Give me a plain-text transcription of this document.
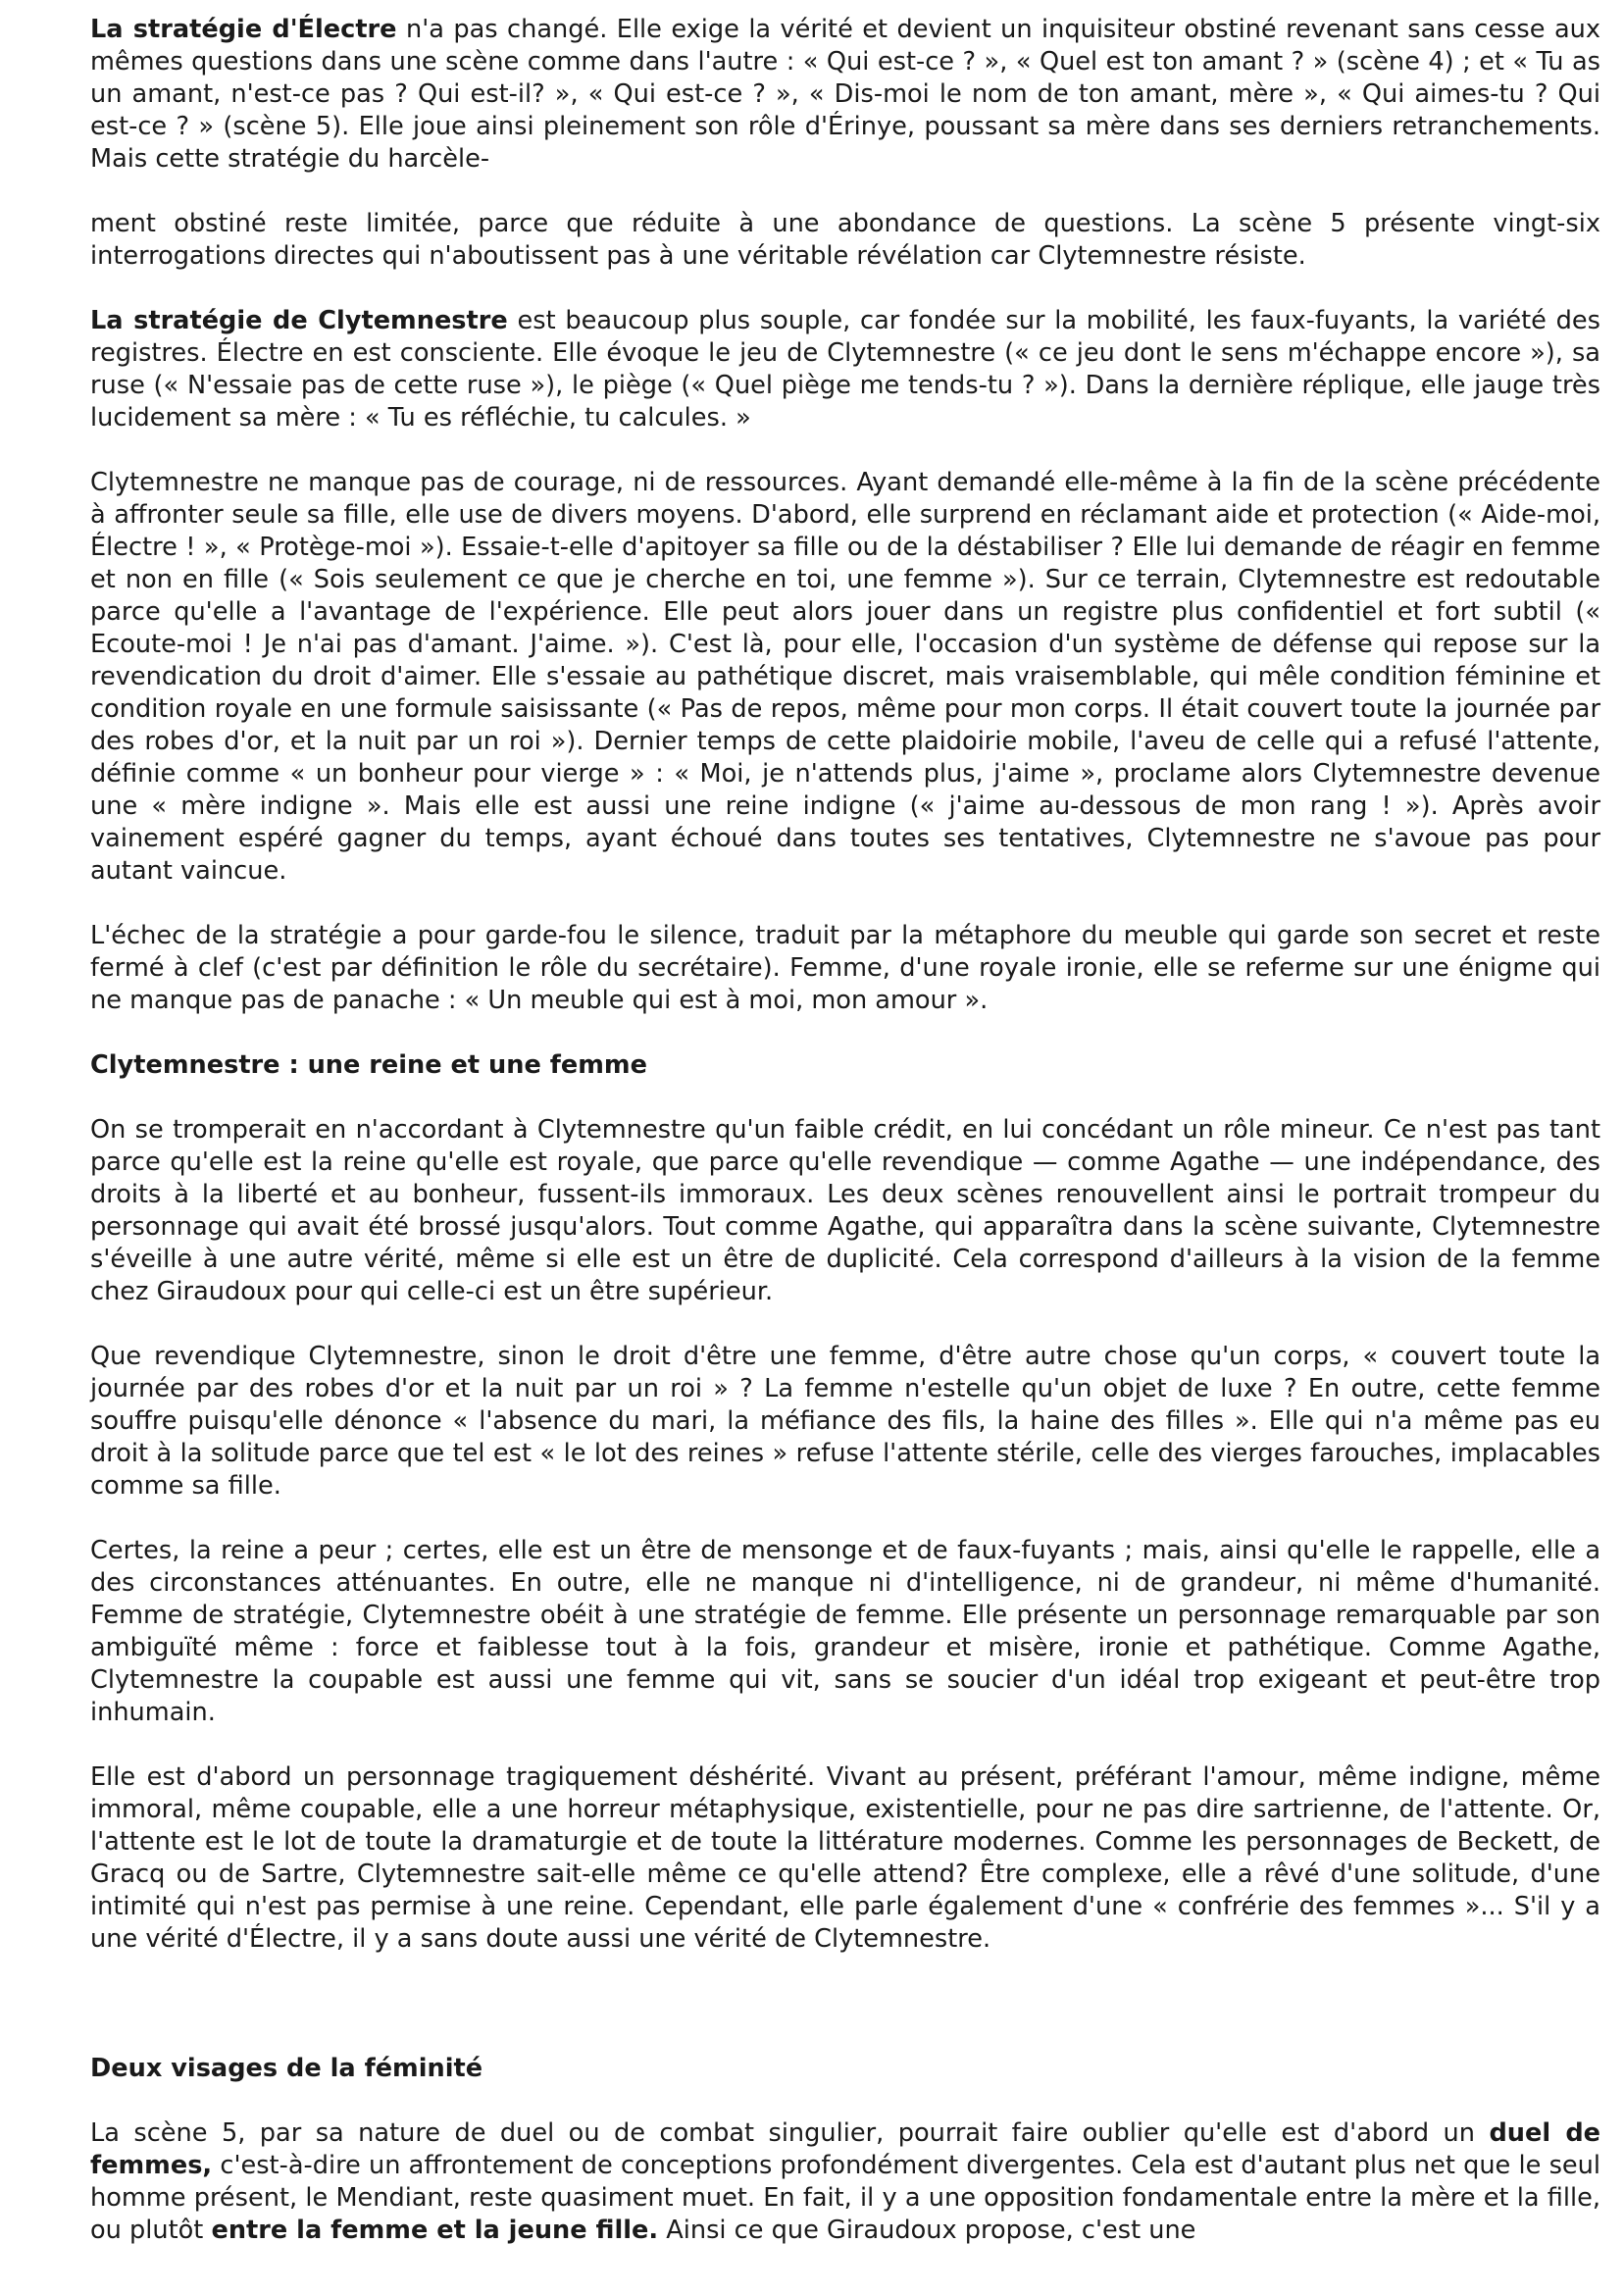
La stratégie d'Électre n'a pas changé. Elle exige la vérité et devient un inquisiteur obstiné revenant sans cesse aux mêmes questions dans une scène comme dans l'autre : « Qui est-ce ? », « Quel est ton amant ? » (scène 4) ; et « Tu as un amant, n'est-ce pas ? Qui est-il? », « Qui est-ce ? », « Dis-moi le nom de ton amant, mère », « Qui aimes-tu ? Qui est-ce ? » (scène 5). Elle joue ainsi pleinement son rôle d'Érinye, poussant sa mère dans ses derniers retranchements. Mais cette stratégie du harcèle-

ment obstiné reste limitée, parce que réduite à une abondance de questions. La scène 5 présente vingt-six interrogations directes qui n'aboutissent pas à une véritable révélation car Clytemnestre résiste.

La stratégie de Clytemnestre est beaucoup plus souple, car fondée sur la mobilité, les faux-fuyants, la variété des registres. Électre en est consciente. Elle évoque le jeu de Clytemnestre (« ce jeu dont le sens m'échappe encore »), sa ruse (« N'essaie pas de cette ruse »), le piège (« Quel piège me tends-tu ? »). Dans la dernière réplique, elle jauge très lucidement sa mère : « Tu es réfléchie, tu calcules. »

Clytemnestre ne manque pas de courage, ni de ressources. Ayant demandé elle-même à la fin de la scène précédente à affronter seule sa fille, elle use de divers moyens. D'abord, elle surprend en réclamant aide et protection (« Aide-moi, Électre ! », « Protège-moi »). Essaie-t-elle d'apitoyer sa fille ou de la déstabiliser ? Elle lui demande de réagir en femme et non en fille (« Sois seulement ce que je cherche en toi, une femme »). Sur ce terrain, Clytemnestre est redoutable parce qu'elle a l'avantage de l'expérience. Elle peut alors jouer dans un registre plus confidentiel et fort subtil (« Ecoute-moi ! Je n'ai pas d'amant. J'aime. »). C'est là, pour elle, l'occasion d'un système de défense qui repose sur la revendication du droit d'aimer. Elle s'essaie au pathétique discret, mais vraisemblable, qui mêle condition féminine et condition royale en une formule saisissante (« Pas de repos, même pour mon corps. Il était couvert toute la journée par des robes d'or, et la nuit par un roi »). Dernier temps de cette plaidoirie mobile, l'aveu de celle qui a refusé l'attente, définie comme « un bonheur pour vierge » : « Moi, je n'attends plus, j'aime », proclame alors Clytemnestre devenue une « mère indigne ». Mais elle est aussi une reine indigne (« j'aime au-dessous de mon rang ! »). Après avoir vainement espéré gagner du temps, ayant échoué dans toutes ses tentatives, Clytemnestre ne s'avoue pas pour autant vaincue.

L'échec de la stratégie a pour garde-fou le silence, traduit par la métaphore du meuble qui garde son secret et reste fermé à clef (c'est par définition le rôle du secrétaire). Femme, d'une royale ironie, elle se referme sur une énigme qui ne manque pas de panache : « Un meuble qui est à moi, mon amour ».

Clytemnestre : une reine et une femme

On se tromperait en n'accordant à Clytemnestre qu'un faible crédit, en lui concédant un rôle mineur. Ce n'est pas tant parce qu'elle est la reine qu'elle est royale, que parce qu'elle revendique — comme Agathe — une indépendance, des droits à la liberté et au bonheur, fussent-ils immoraux. Les deux scènes renouvellent ainsi le portrait trompeur du personnage qui avait été brossé jusqu'alors. Tout comme Agathe, qui apparaîtra dans la scène suivante, Clytemnestre s'éveille à une autre vérité, même si elle est un être de duplicité. Cela correspond d'ailleurs à la vision de la femme chez Giraudoux pour qui celle-ci est un être supérieur.

Que revendique Clytemnestre, sinon le droit d'être une femme, d'être autre chose qu'un corps, « couvert toute la journée par des robes d'or et la nuit par un roi » ? La femme n'estelle qu'un objet de luxe ? En outre, cette femme souffre puisqu'elle dénonce « l'absence du mari, la méfiance des fils, la haine des filles ». Elle qui n'a même pas eu droit à la solitude parce que tel est « le lot des reines » refuse l'attente stérile, celle des vierges farouches, implacables comme sa fille.

Certes, la reine a peur ; certes, elle est un être de mensonge et de faux-fuyants ; mais, ainsi qu'elle le rappelle, elle a des circonstances atténuantes. En outre, elle ne manque ni d'intelligence, ni de grandeur, ni même d'humanité. Femme de stratégie, Clytemnestre obéit à une stratégie de femme. Elle présente un personnage remarquable par son ambiguïté même : force et faiblesse tout à la fois, grandeur et misère, ironie et pathétique. Comme Agathe, Clytemnestre la coupable est aussi une femme qui vit, sans se soucier d'un idéal trop exigeant et peut-être trop inhumain.

Elle est d'abord un personnage tragiquement déshérité. Vivant au présent, préférant l'amour, même indigne, même immoral, même coupable, elle a une horreur métaphysique, existentielle, pour ne pas dire sartrienne, de l'attente. Or, l'attente est le lot de toute la dramaturgie et de toute la littérature modernes. Comme les personnages de Beckett, de Gracq ou de Sartre, Clytemnestre sait-elle même ce qu'elle attend? Être complexe, elle a rêvé d'une solitude, d'une intimité qui n'est pas permise à une reine. Cependant, elle parle également d'une « confrérie des femmes »... S'il y a une vérité d'Électre, il y a sans doute aussi une vérité de Clytemnestre.

Deux visages de la féminité

La scène 5, par sa nature de duel ou de combat singulier, pourrait faire oublier qu'elle est d'abord un duel de femmes, c'est-à-dire un affrontement de conceptions profondément divergentes. Cela est d'autant plus net que le seul homme présent, le Mendiant, reste quasiment muet. En fait, il y a une opposition fondamentale entre la mère et la fille, ou plutôt entre la femme et la jeune fille. Ainsi ce que Giraudoux propose, c'est une
